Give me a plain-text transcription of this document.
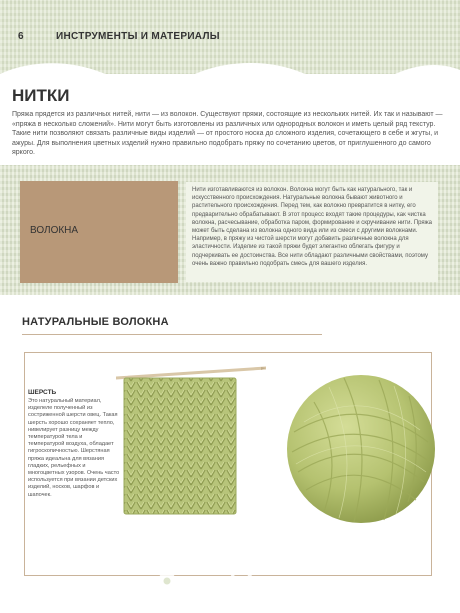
6	ИНСТРУМЕНТЫ И МАТЕРИАЛЫ
НИТКИ
Пряжа прядется из различных нитей, нити — из волокон. Существуют пряжи, состоящие из нескольких нитей. Их так и называют — «пряжа в несколько сложений». Нити могут быть изготовлены из различных или однородных волокон и иметь целый ряд текстур. Такие нити позволяют связать различные виды изделий — от простого носка до сложного изделия, сочетающего в себе и жгуты, и ажуры. Для выполнения цветных изделий нужно правильно подобрать пряжу по сочетанию цветов, от приглушенного до самого яркого.
ВОЛОКНА
Нити изготавливаются из волокон. Волокна могут быть как натурального, так и искусственного происхождения. Натуральные волокна бывают животного и растительного происхождения. Перед тем, как волокно превратится в нитку, его предварительно обрабатывают. В этот процесс входят такие процедуры, как чистка волокна, расчесывание, обработка паром, формирование и скручивание нити. Пряжа может быть сделана из волокна одного вида или из смеси с другими волокнами. Например, в пряжу из чистой шерсти могут добавить различные волокна для эластичности. Изделие из такой пряжи будет элегантно облегать фигуру и подчеркивать ее достоинства. Все нити обладают различными свойствами, поэтому очень важно правильно подобрать смесь для вашего изделия.
НАТУРАЛЬНЫЕ ВОЛОКНА
ШЕРСТЬ
Это натуральный материал, изделеле полученный из состриженной шерсти овец. Такая шерсть хорошо сохраняет тепло, нивелирует разницу между температурой тела и температурой воздуха, обладает гигроскопичностью. Шерстяная пряжа идеальна для вязания гладких, рельефных и многоцветных узоров. Очень часто используется при вязании детских изделий, носков, шарфов и шапочек.
postila.ru
